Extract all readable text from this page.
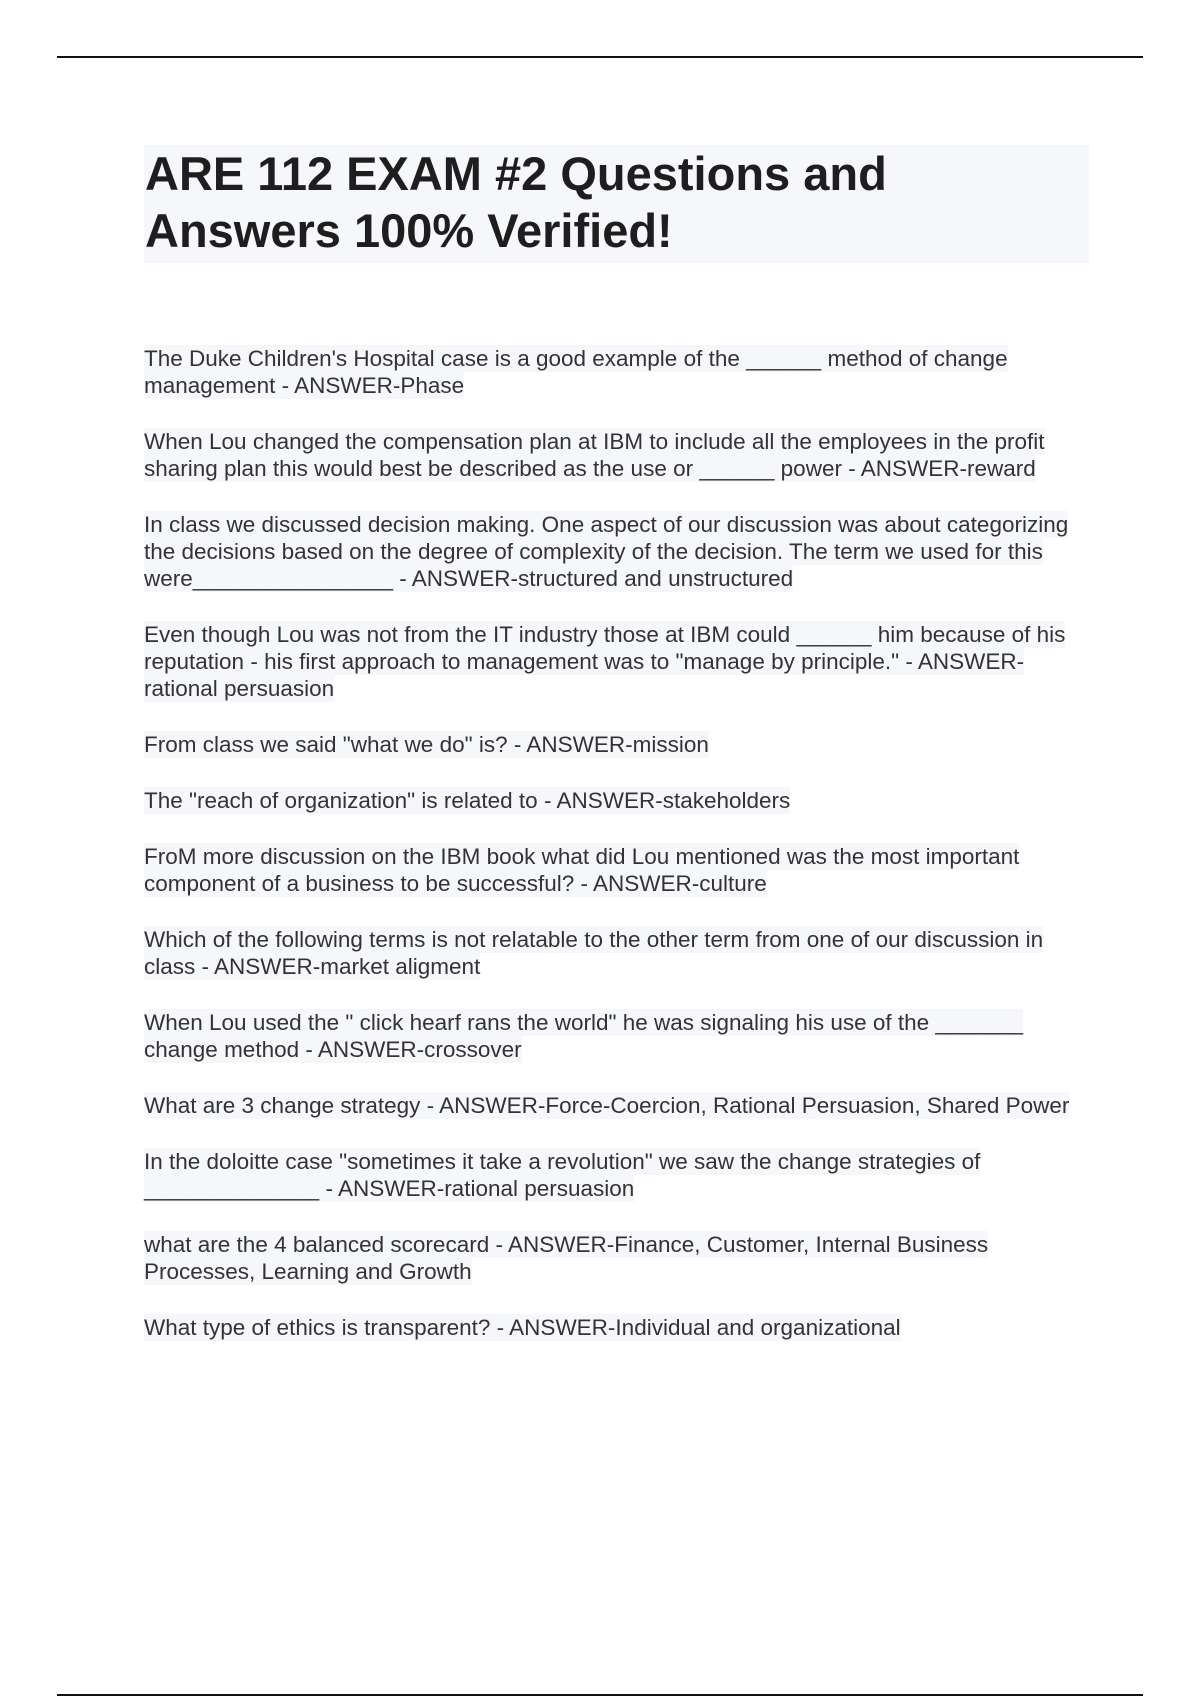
ARE 112 EXAM #2 Questions and Answers 100% Verified!

The Duke Children's Hospital case is a good example of the ______ method of change management - ANSWER-Phase

When Lou changed the compensation plan at IBM to include all the employees in the profit sharing plan this would best be described as the use or ______ power - ANSWER-reward

In class we discussed decision making. One aspect of our discussion was about categorizing the decisions based on the degree of complexity of the decision. The term we used for this were________________ - ANSWER-structured and unstructured

Even though Lou was not from the IT industry those at IBM could ______ him because of his reputation - his first approach to management was to "manage by principle." - ANSWER-rational persuasion

From class we said "what we do" is? - ANSWER-mission

The "reach of organization" is related to - ANSWER-stakeholders

FroM more discussion on the IBM book what did Lou mentioned was the most important component of a business to be successful? - ANSWER-culture

Which of the following terms is not relatable to the other term from one of our discussion in class - ANSWER-market aligment

When Lou used the " click hearf rans the world" he was signaling his use of the _______ change method - ANSWER-crossover

What are 3 change strategy - ANSWER-Force-Coercion, Rational Persuasion, Shared Power

In the doloitte case "sometimes it take a revolution" we saw the change strategies of ______________ - ANSWER-rational persuasion

what are the 4 balanced scorecard - ANSWER-Finance, Customer, Internal Business Processes, Learning and Growth

What type of ethics is transparent? - ANSWER-Individual and organizational
